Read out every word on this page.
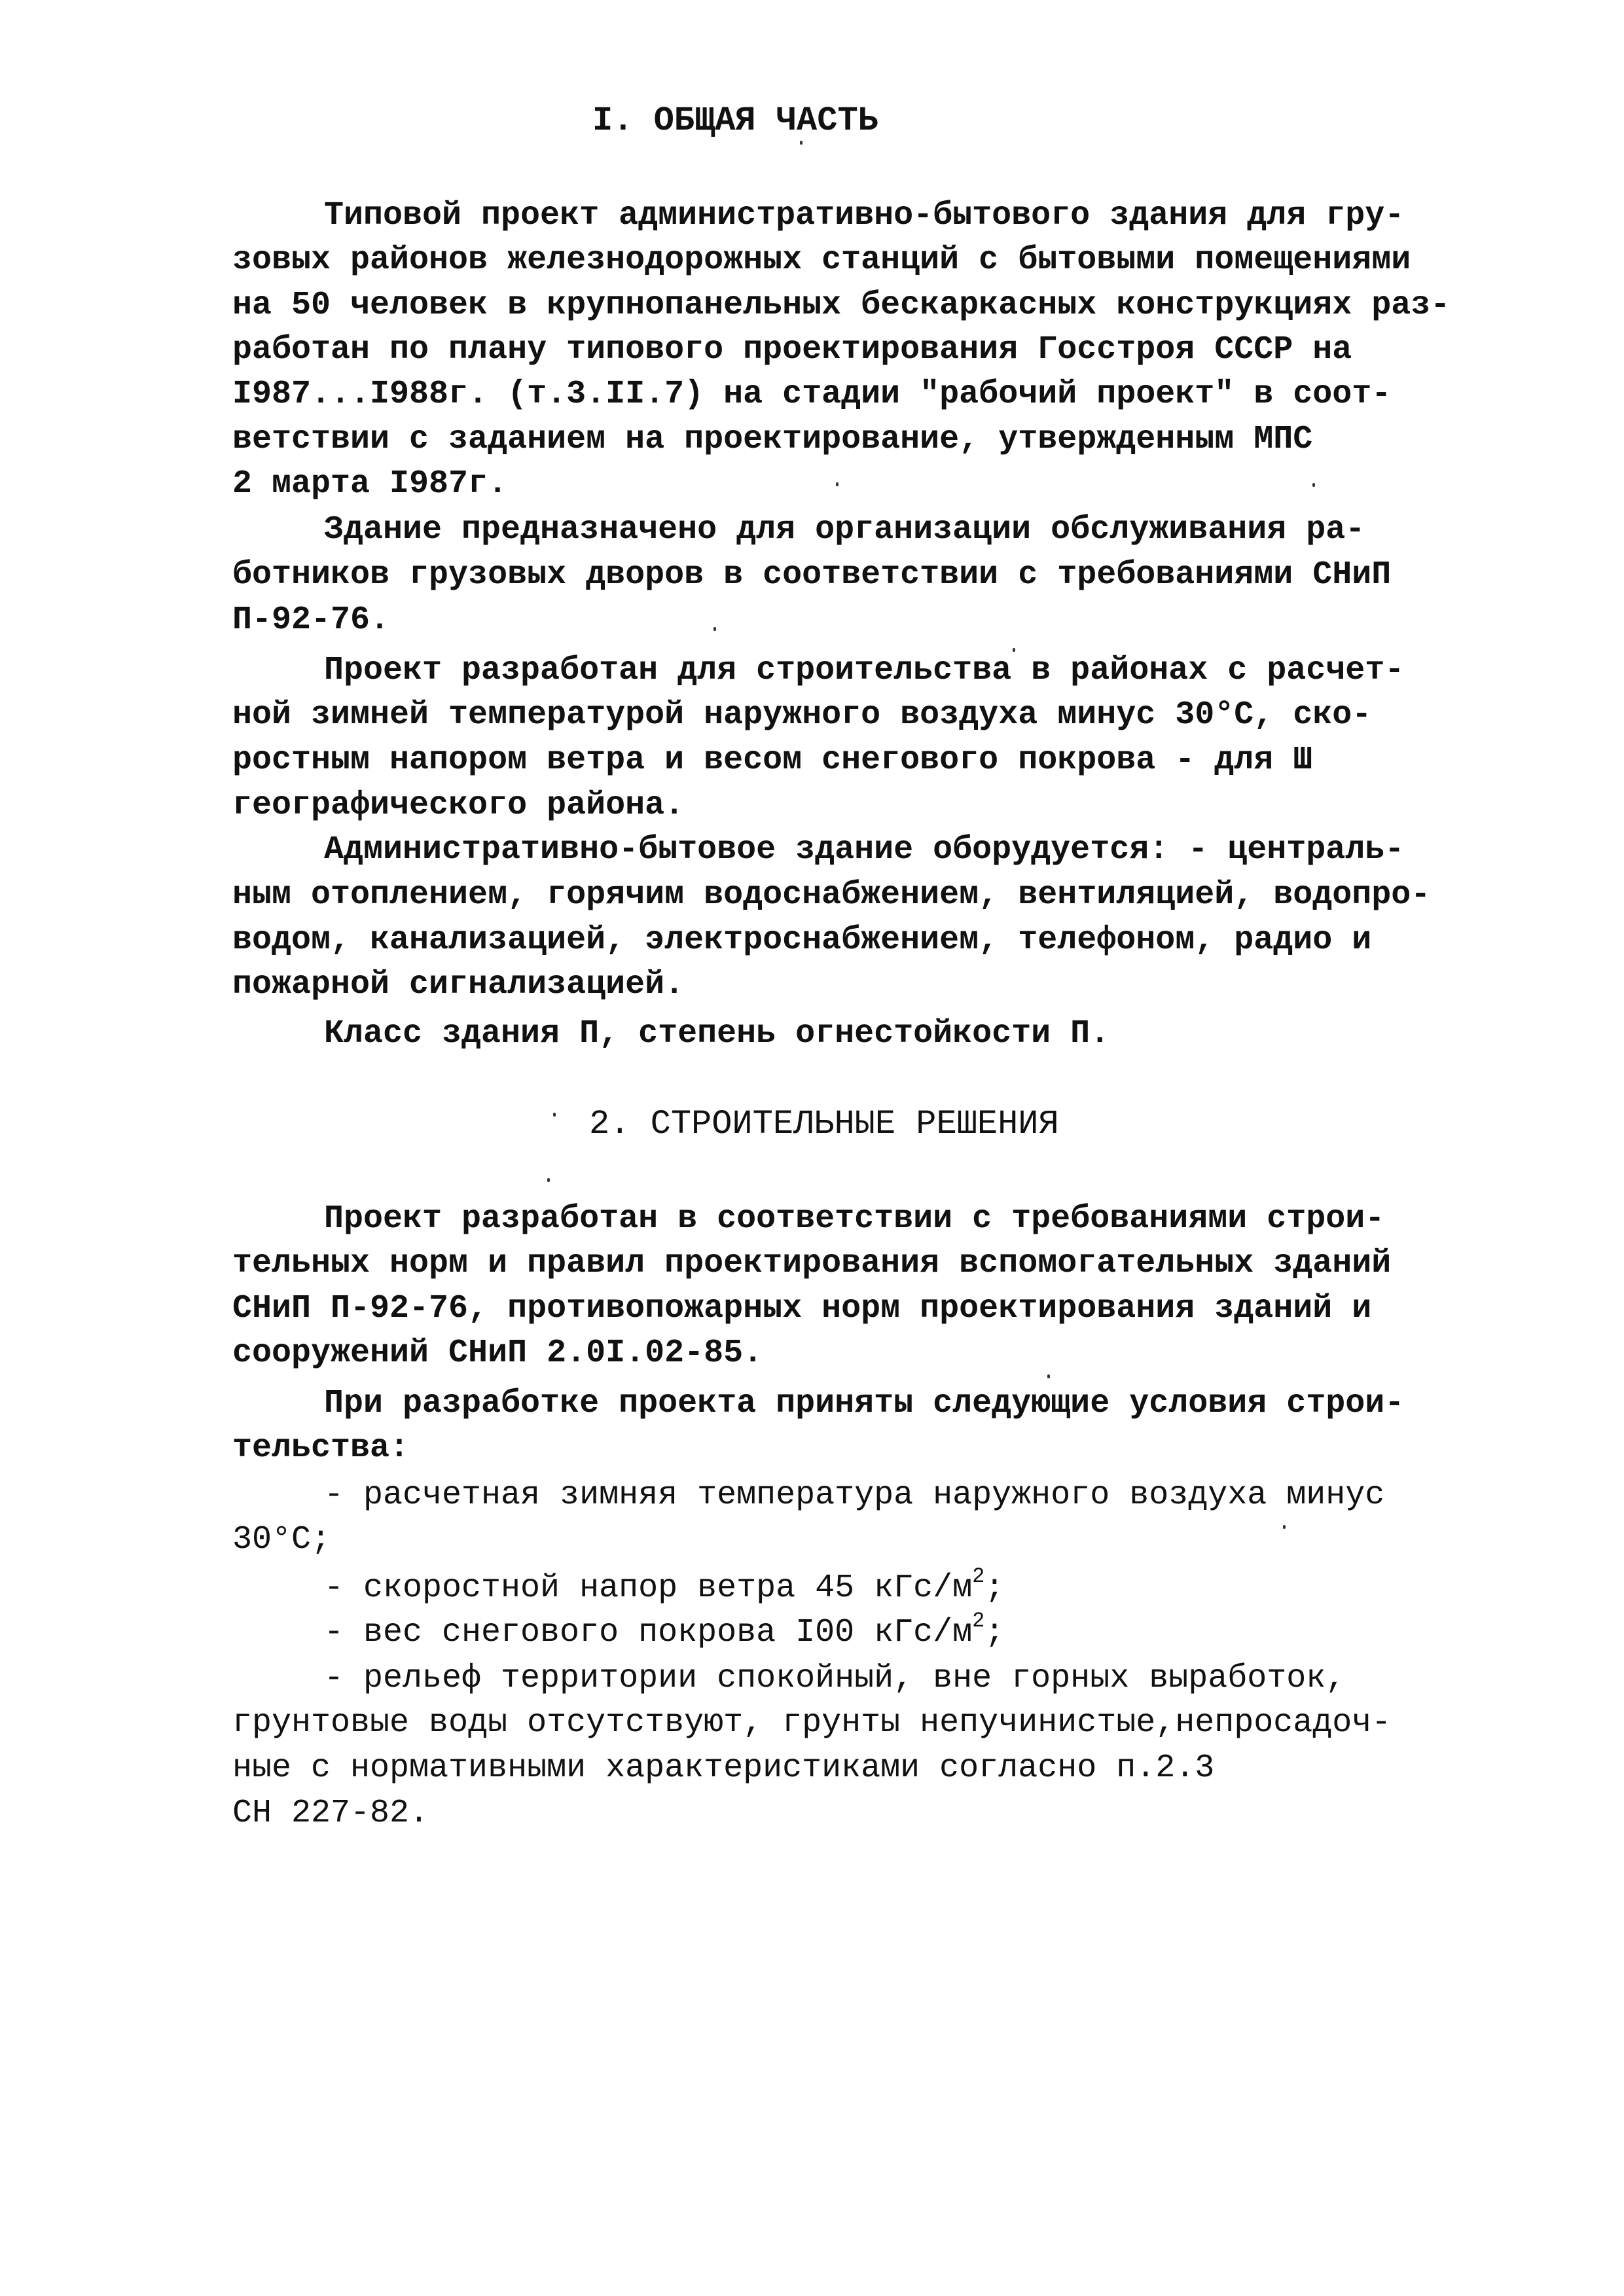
I. ОБЩАЯ ЧАСТЬ
Типовой проект административно-бытового здания для гру-
зовых районов железнодорожных станций с бытовыми помещениями
на 50 человек в крупнопанельных бескаркасных конструкциях раз-
работан по плану типового проектирования Госстроя СССР на
I987...I988г. (т.3.II.7) на стадии "рабочий проект" в соот-
ветствии с заданием на проектирование, утвержденным МПС
2 марта I987г.
Здание предназначено для организации обслуживания ра-
ботников грузовых дворов в соответствии с требованиями СНиП
П-92-76.
Проект разработан для строительства в районах с расчет-
ной зимней температурой наружного воздуха минус 30°С, ско-
ростным напором ветра и весом снегового покрова - для Ш
географического района.
Административно-бытовое здание оборудуется: - централь-
ным отоплением, горячим водоснабжением, вентиляцией, водопро-
водом, канализацией, электроснабжением, телефоном, радио и
пожарной сигнализацией.
Класс здания П, степень огнестойкости П.
2. СТРОИТЕЛЬНЫЕ РЕШЕНИЯ
Проект разработан в соответствии с требованиями строи-
тельных норм и правил проектирования вспомогательных зданий
СНиП П-92-76, противопожарных норм проектирования зданий и
сооружений СНиП 2.0I.02-85.
При разработке проекта приняты следующие условия строи-
тельства:
- расчетная зимняя температура наружного воздуха минус
30°С;
- скоростной напор ветра 45 кГс/$м^2$;
- вес снегового покрова I00 кГс/$м^2$;
- рельеф территории спокойный, вне горных выработок,
грунтовые воды отсутствуют, грунты непучинистые,непросадоч-
ные с нормативными характеристиками согласно п.2.3
СН 227-82.
